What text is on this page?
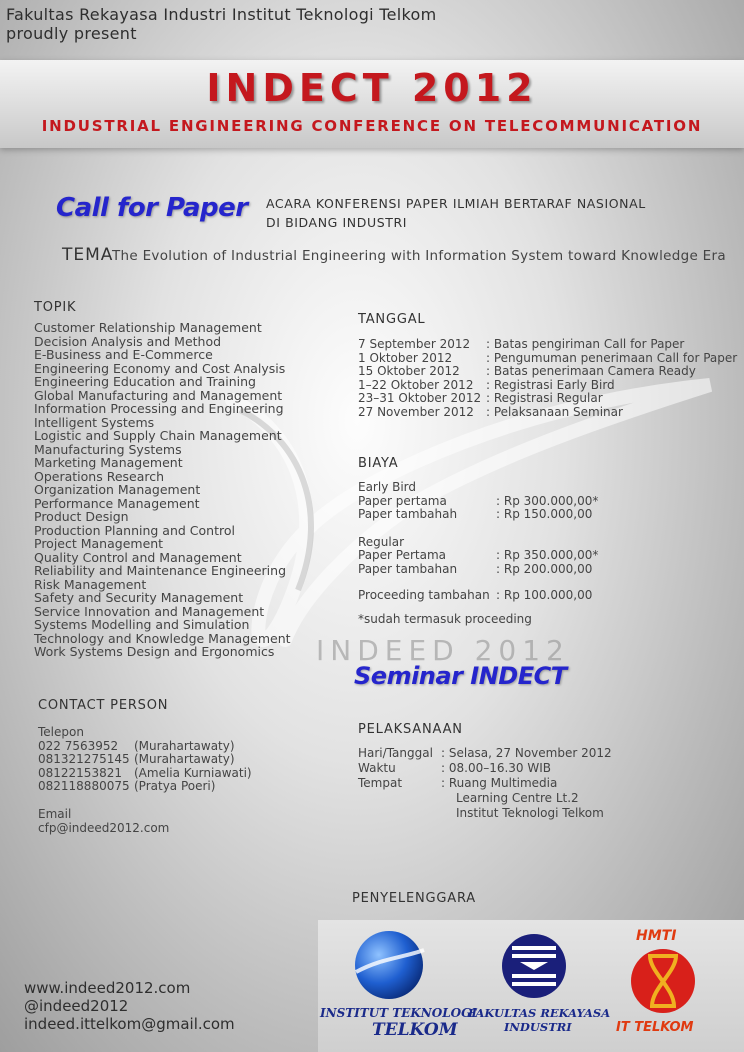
Fakultas Rekayasa Industri Institut Teknologi Telkom
proudly present
INDECT 2012
INDUSTRIAL ENGINEERING CONFERENCE ON TELECOMMUNICATION
Call for Paper ACARA KONFERENSI PAPER ILMIAH BERTARAF NASIONAL
DI BIDANG INDUSTRI
TEMA
The Evolution of Industrial Engineering with Information System toward Knowledge Era
TOPIK
Customer Relationship Management
Decision Analysis and Method
E-Business and E-Commerce
Engineering Economy and Cost Analysis
Engineering Education and Training
Global Manufacturing and Management
Information Processing and Engineering
Intelligent Systems
Logistic and Supply Chain Management
Manufacturing Systems
Marketing Management
Operations Research
Organization Management
Performance Management
Product Design
Production Planning and Control
Project Management
Quality Control and Management
Reliability and Maintenance Engineering
Risk Management
Safety and Security Management
Service Innovation and Management
Systems Modelling and Simulation
Technology and Knowledge Management
Work Systems Design and Ergonomics
TANGGAL
7 September 2012 : Batas pengiriman Call for Paper
1 Oktober 2012	: Pengumuman penerimaan Call for Paper
15 Oktober 2012 : Batas penerimaan Camera Ready
1–22 Oktober 2012 : Registrasi Early Bird
23–31 Oktober 2012 : Registrasi Regular
27 November 2012 : Pelaksanaan Seminar
BIAYA
Early Bird
Paper pertama	: Rp 300.000,00*
Paper tambahah	: Rp 150.000,00
Regular
Paper Pertama	: Rp 350.000,00*
Paper tambahan	: Rp 200.000,00
Proceeding tambahan : Rp 100.000,00
*sudah termasuk proceeding
INDEED 2012
Seminar INDECT
PELAKSANAAN
Hari/Tanggal : Selasa, 27 November 2012
Waktu	: 08.00–16.30 WIB
Tempat	: Ruang Multimedia
Learning Centre Lt.2
Institut Teknologi Telkom
CONTACT PERSON
Telepon
022 7563952 (Murahartawaty)
081321275145 (Murahartawaty)
08122153821 (Amelia Kurniawati)
082118880075 (Pratya Poeri)
Email
cfp@indeed2012.com
PENYELENGGARA
INSTITUT TEKNOLOGI
TELKOM
FAKULTAS REKAYASA
INDUSTRI
HMTI
IT TELKOM
www.indeed2012.com
@indeed2012
indeed.ittelkom@gmail.com
